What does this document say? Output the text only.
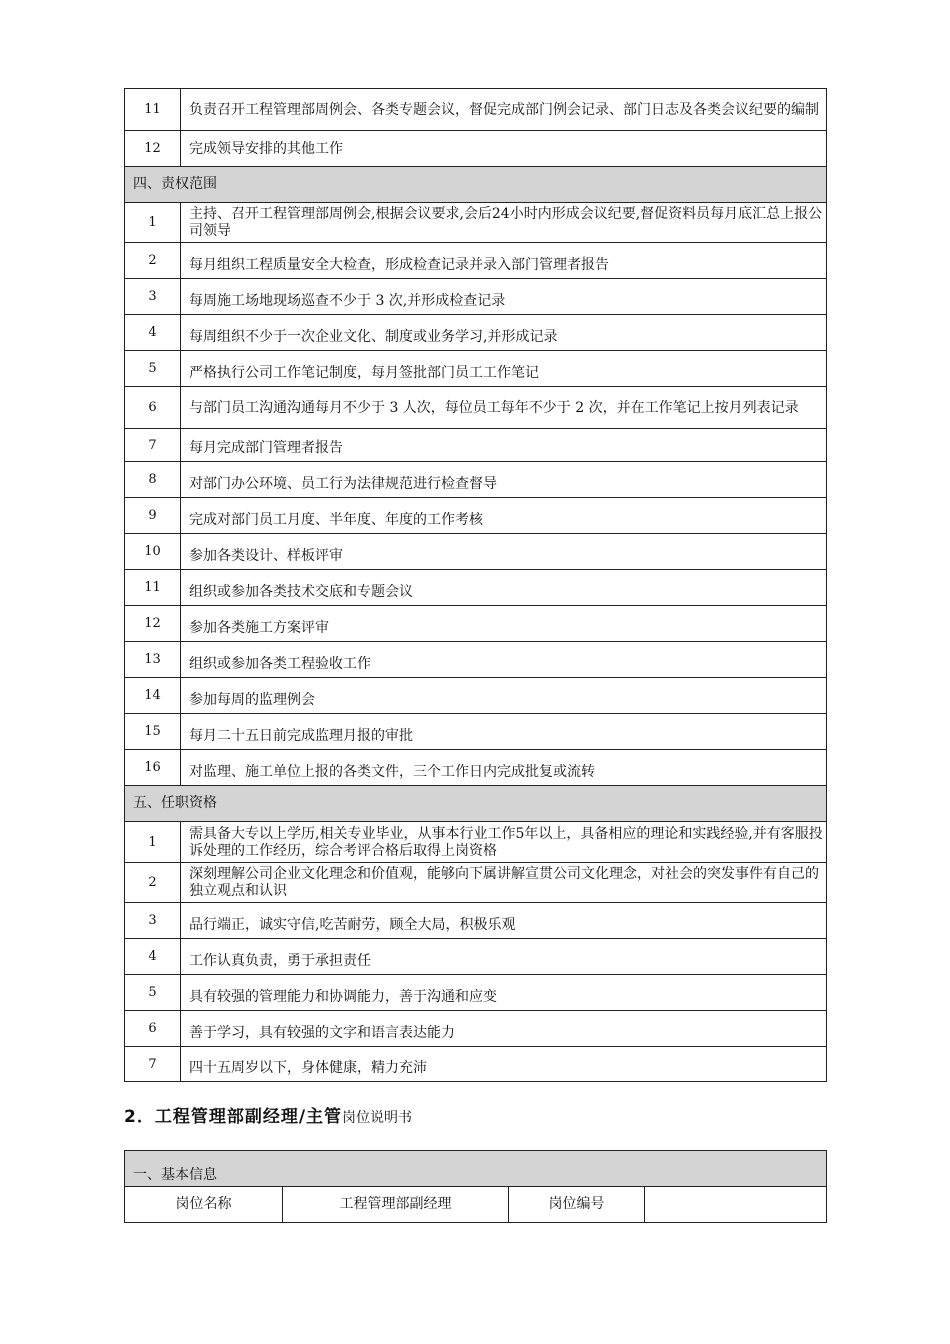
11	负责召开工程管理部周例会、各类专题会议，督促完成部门例会记录、部门日志及各类会议纪要的编制
12	完成领导安排的其他工作
四、责权范围	
1	主持、召开工程管理部周例会,根据会议要求,会后24小时内形成会议纪要,督促资料员每月底汇总上报公司领导
2	每月组织工程质量安全大检查，形成检查记录并录入部门管理者报告
3	每周施工场地现场巡查不少于 3 次,并形成检查记录
4	每周组织不少于一次企业文化、制度或业务学习,并形成记录
5	严格执行公司工作笔记制度，每月签批部门员工工作笔记
6	与部门员工沟通沟通每月不少于 3 人次，每位员工每年不少于 2 次，并在工作笔记上按月列表记录
7	每月完成部门管理者报告
8	对部门办公环境、员工行为法律规范进行检查督导
9	完成对部门员工月度、半年度、年度的工作考核
10	参加各类设计、样板评审
11	组织或参加各类技术交底和专题会议
12	参加各类施工方案评审
13	组织或参加各类工程验收工作
14	参加每周的监理例会
15	每月二十五日前完成监理月报的审批
16	对监理、施工单位上报的各类文件，三个工作日内完成批复或流转
五、任职资格	
1	需具备大专以上学历,相关专业毕业，从事本行业工作5年以上，具备相应的理论和实践经验,并有客服投诉处理的工作经历，综合考评合格后取得上岗资格
2	深刻理解公司企业文化理念和价值观，能够向下属讲解宣贯公司文化理念，对社会的突发事件有自己的独立观点和认识
3	品行端正，诚实守信,吃苦耐劳，顾全大局，积极乐观
4	工作认真负责，勇于承担责任
5	具有较强的管理能力和协调能力，善于沟通和应变
6	善于学习，具有较强的文字和语言表达能力
7	四十五周岁以下，身体健康，精力充沛
2．工程管理部副经理/主管岗位说明书
一、基本信息
岗位名称	工程管理部副经理	岗位编号	
